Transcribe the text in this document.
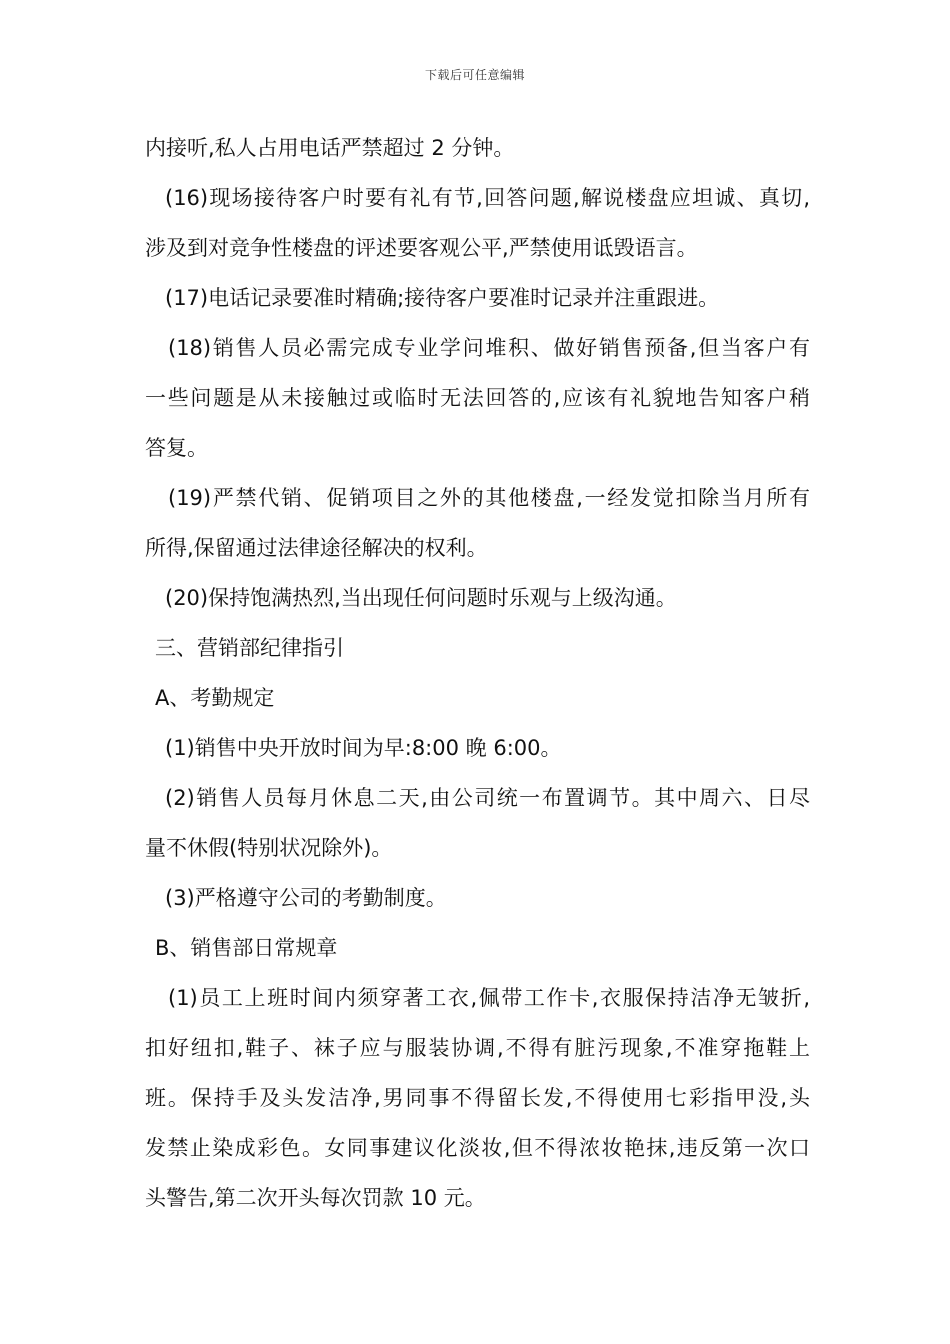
下载后可任意编辑
内接听,私人占用电话严禁超过 2 分钟。
(16)现场接待客户时要有礼有节,回答问题,解说楼盘应坦诚、真切,
涉及到对竞争性楼盘的评述要客观公平,严禁使用诋毁语言。
(17)电话记录要准时精确;接待客户要准时记录并注重跟进。
(18)销售人员必需完成专业学问堆积、做好销售预备,但当客户有
一些问题是从未接触过或临时无法回答的,应该有礼貌地告知客户稍
答复。
(19)严禁代销、促销项目之外的其他楼盘,一经发觉扣除当月所有
所得,保留通过法律途径解决的权利。
(20)保持饱满热烈,当出现任何问题时乐观与上级沟通。
三、营销部纪律指引
A、考勤规定
(1)销售中央开放时间为早:8:00 晚 6:00。
(2)销售人员每月休息二天,由公司统一布置调节。其中周六、日尽
量不休假(特别状况除外)。
(3)严格遵守公司的考勤制度。
B、销售部日常规章
(1)员工上班时间内须穿著工衣,佩带工作卡,衣服保持洁净无皱折,
扣好纽扣,鞋子、袜子应与服装协调,不得有脏污现象,不准穿拖鞋上
班。保持手及头发洁净,男同事不得留长发,不得使用七彩指甲没,头
发禁止染成彩色。女同事建议化淡妆,但不得浓妆艳抹,违反第一次口
头警告,第二次开头每次罚款 10 元。
